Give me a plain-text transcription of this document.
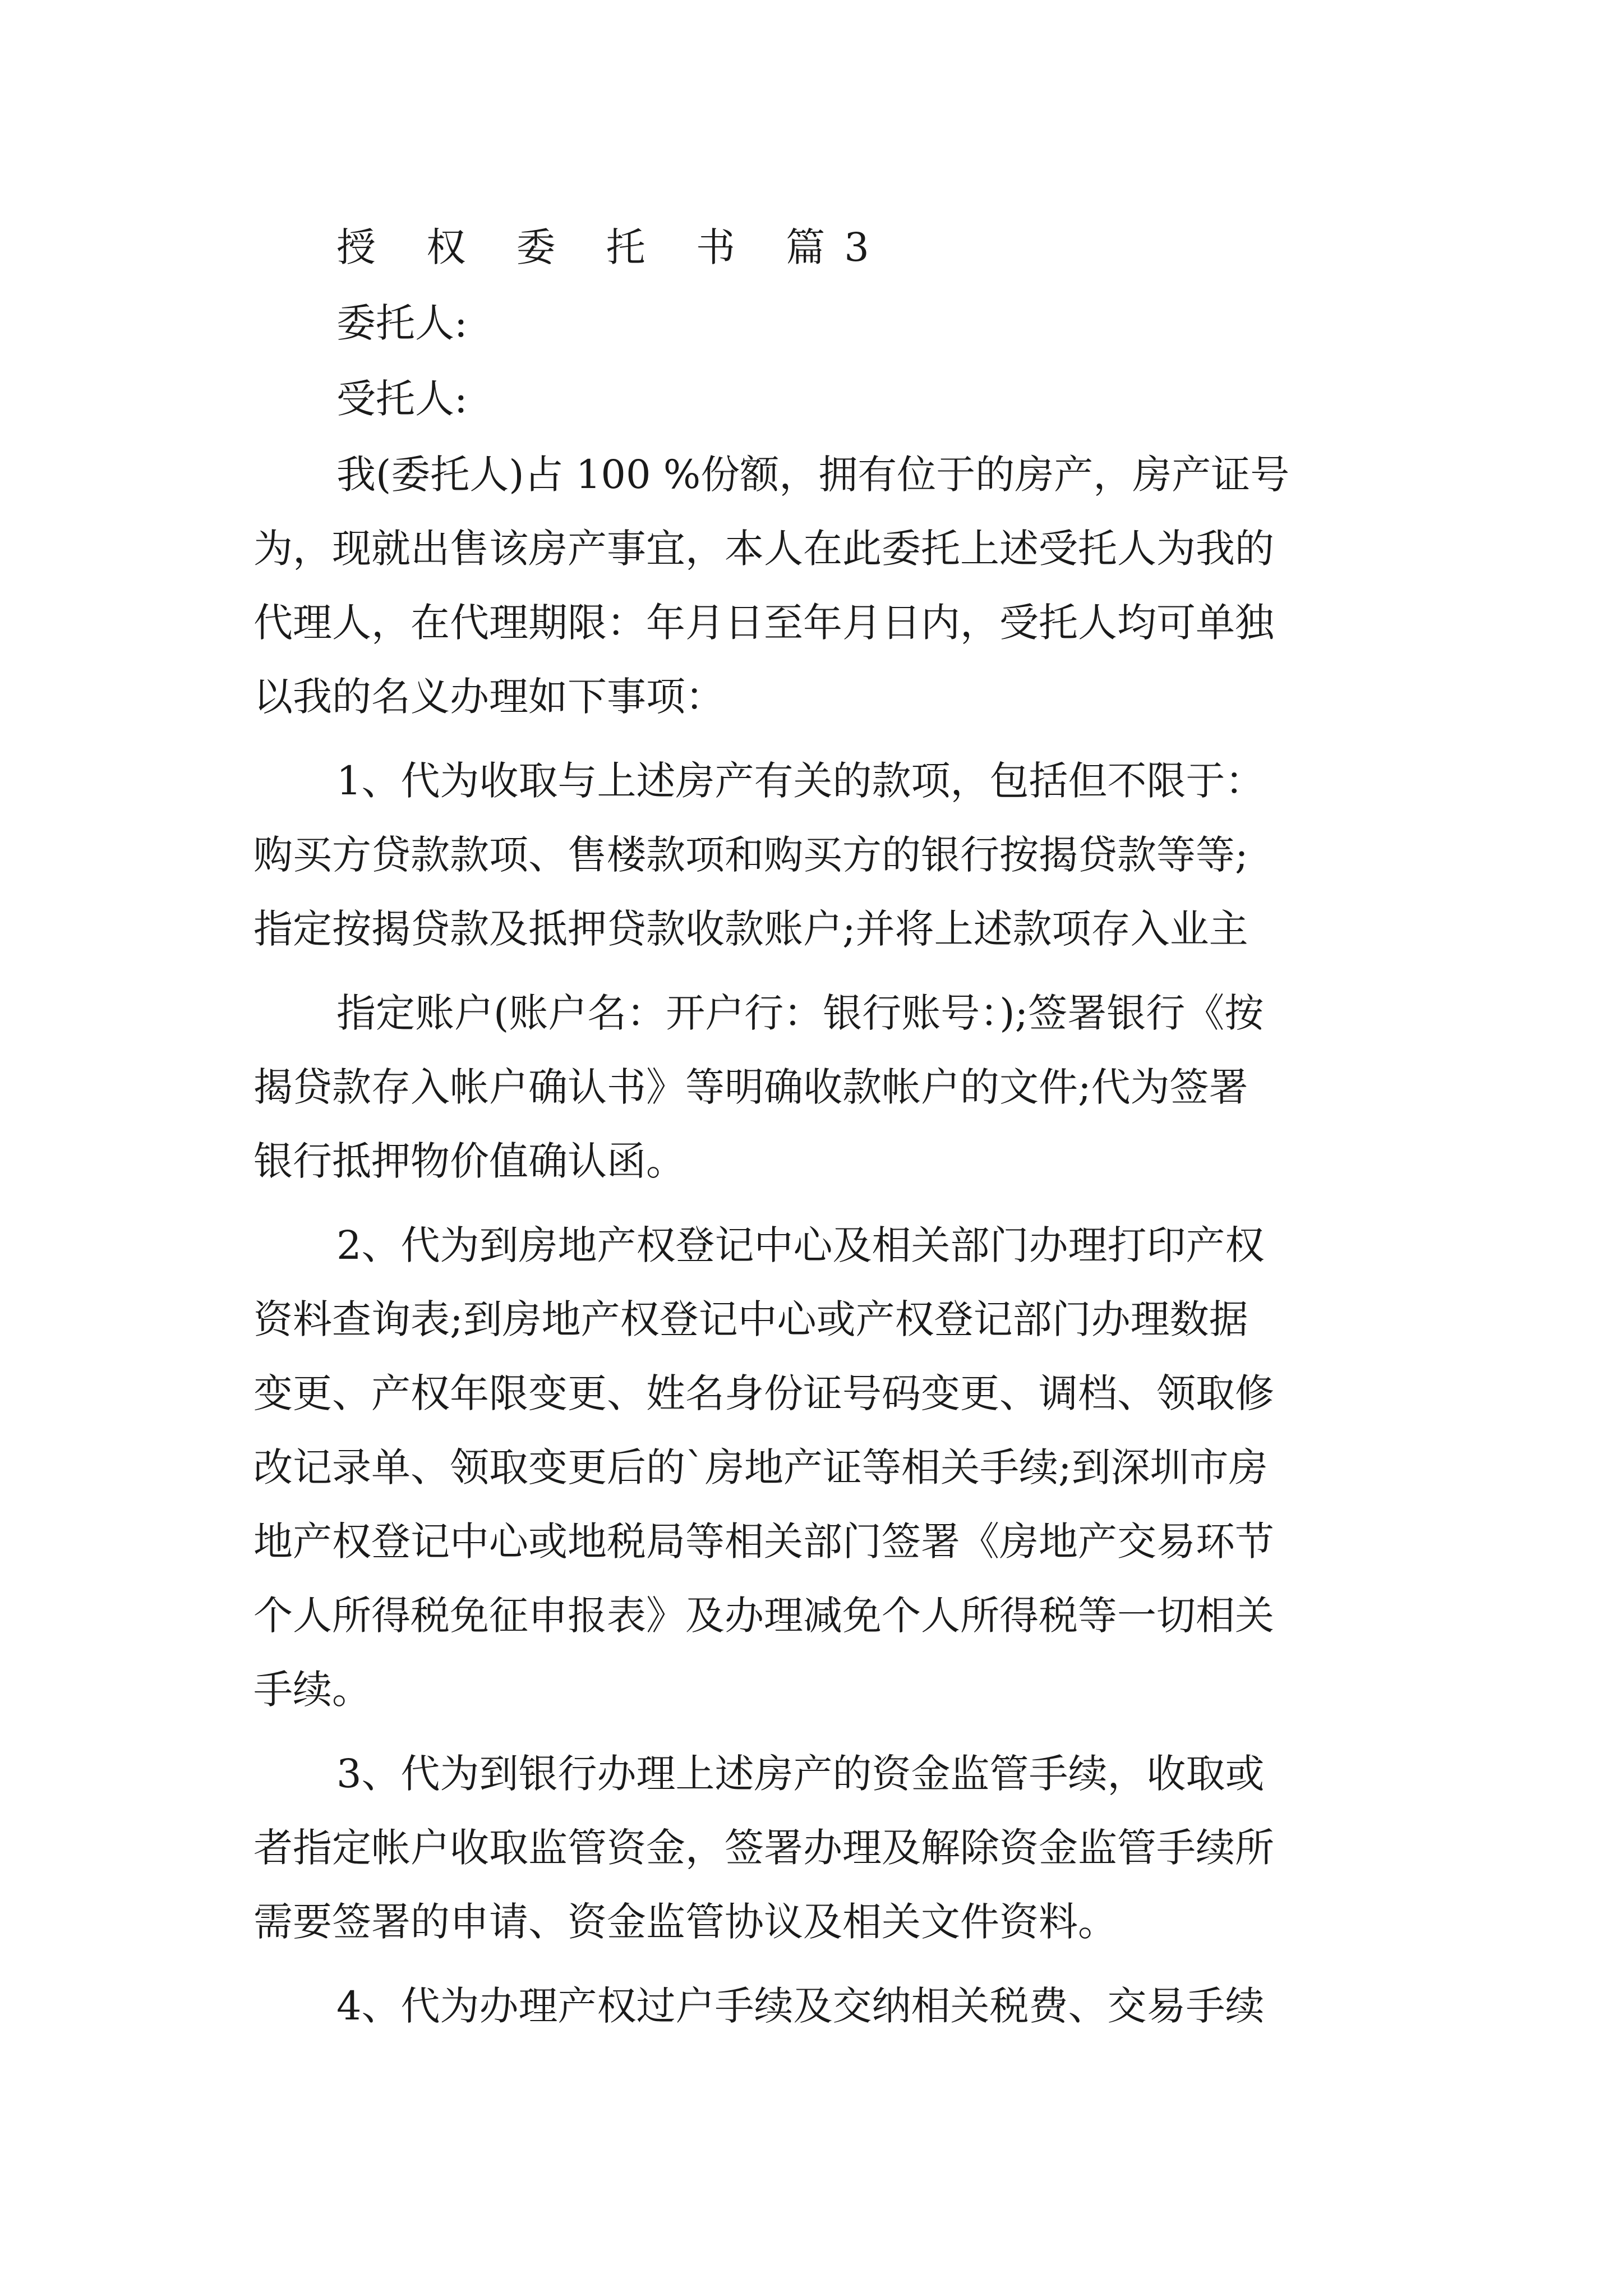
授 权 委 托 书 篇3
委托人:
受托人:
我(委托人)占 100 %份额，拥有位于的房产，房产证号
为，现就出售该房产事宜，本人在此委托上述受托人为我的
代理人，在代理期限：年月日至年月日内，受托人均可单独
以我的名义办理如下事项：
1、代为收取与上述房产有关的款项，包括但不限于：
购买方贷款款项、售楼款项和购买方的银行按揭贷款等等;
指定按揭贷款及抵押贷款收款账户;并将上述款项存入业主
指定账户(账户名：开户行：银行账号：);签署银行《按
揭贷款存入帐户确认书》等明确收款帐户的文件;代为签署
银行抵押物价值确认函。
2、代为到房地产权登记中心及相关部门办理打印产权
资料查询表;到房地产权登记中心或产权登记部门办理数据
变更、产权年限变更、姓名身份证号码变更、调档、领取修
改记录单、领取变更后的`房地产证等相关手续;到深圳市房
地产权登记中心或地税局等相关部门签署《房地产交易环节
个人所得税免征申报表》及办理减免个人所得税等一切相关
手续。
3、代为到银行办理上述房产的资金监管手续，收取或
者指定帐户收取监管资金，签署办理及解除资金监管手续所
需要签署的申请、资金监管协议及相关文件资料。
4、代为办理产权过户手续及交纳相关税费、交易手续
